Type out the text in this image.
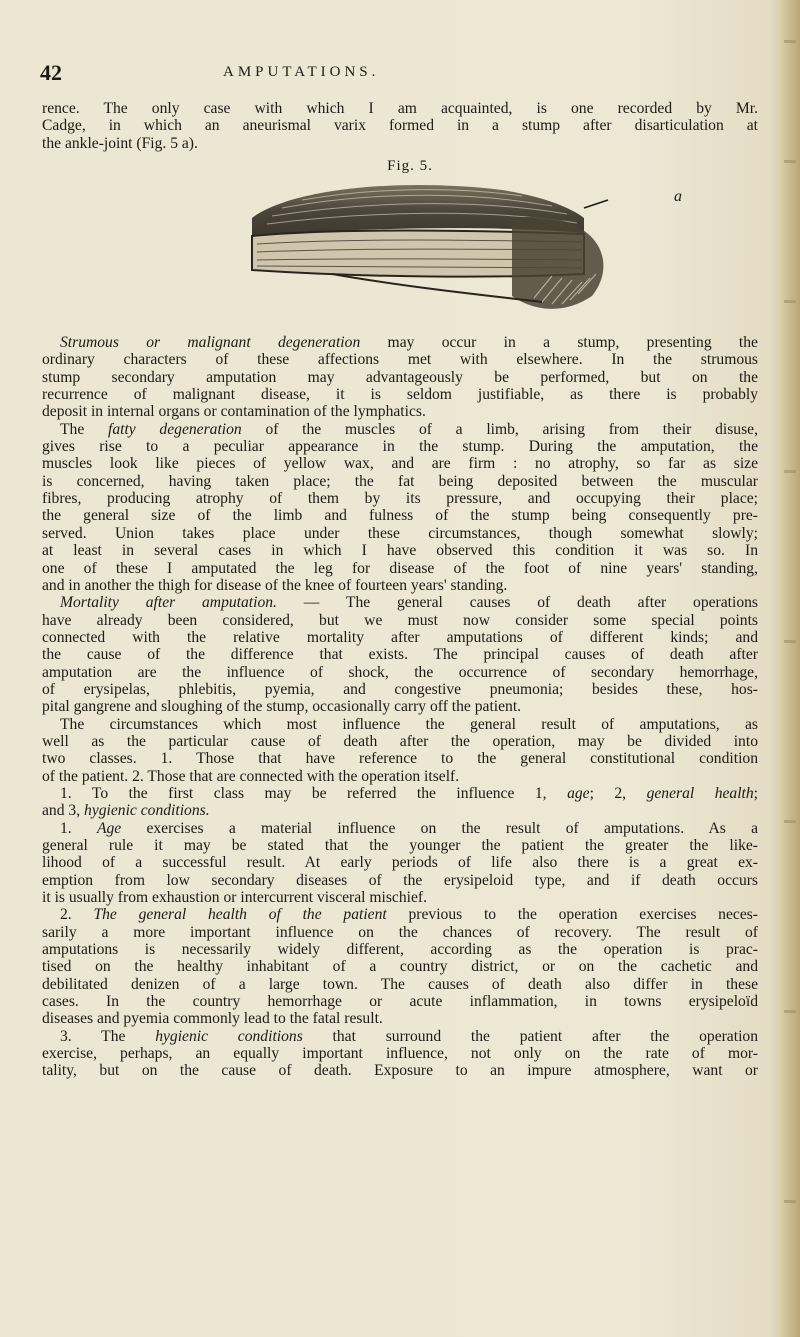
42	AMPUTATIONS.
rence. The only case with which I am acquainted, is one recorded by Mr.
Cadge, in which an aneurismal varix formed in a stump after disarticulation at
the ankle-joint (Fig. 5 a).
Fig. 5.
a
Strumous or malignant degeneration may occur in a stump, presenting the
ordinary characters of these affections met with elsewhere. In the strumous
stump secondary amputation may advantageously be performed, but on the
recurrence of malignant disease, it is seldom justifiable, as there is probably
deposit in internal organs or contamination of the lymphatics.
The fatty degeneration of the muscles of a limb, arising from their disuse,
gives rise to a peculiar appearance in the stump. During the amputation, the
muscles look like pieces of yellow wax, and are firm : no atrophy, so far as size
is concerned, having taken place; the fat being deposited between the muscular
fibres, producing atrophy of them by its pressure, and occupying their place;
the general size of the limb and fulness of the stump being consequently pre-
served. Union takes place under these circumstances, though somewhat slowly;
at least in several cases in which I have observed this condition it was so. In
one of these I amputated the leg for disease of the foot of nine years' standing,
and in another the thigh for disease of the knee of fourteen years' standing.
Mortality after amputation. — The general causes of death after operations
have already been considered, but we must now consider some special points
connected with the relative mortality after amputations of different kinds; and
the cause of the difference that exists. The principal causes of death after
amputation are the influence of shock, the occurrence of secondary hemorrhage,
of erysipelas, phlebitis, pyemia, and congestive pneumonia; besides these, hos-
pital gangrene and sloughing of the stump, occasionally carry off the patient.
The circumstances which most influence the general result of amputations, as
well as the particular cause of death after the operation, may be divided into
two classes. 1. Those that have reference to the general constitutional condition
of the patient. 2. Those that are connected with the operation itself.
1. To the first class may be referred the influence 1, age; 2, general health;
and 3, hygienic conditions.
1. Age exercises a material influence on the result of amputations. As a
general rule it may be stated that the younger the patient the greater the like-
lihood of a successful result. At early periods of life also there is a great ex-
emption from low secondary diseases of the erysipeloid type, and if death occurs
it is usually from exhaustion or intercurrent visceral mischief.
2. The general health of the patient previous to the operation exercises neces-
sarily a more important influence on the chances of recovery. The result of
amputations is necessarily widely different, according as the operation is prac-
tised on the healthy inhabitant of a country district, or on the cachetic and
debilitated denizen of a large town. The causes of death also differ in these
cases. In the country hemorrhage or acute inflammation, in towns erysipeloïd
diseases and pyemia commonly lead to the fatal result.
3. The hygienic conditions that surround the patient after the operation
exercise, perhaps, an equally important influence, not only on the rate of mor-
tality, but on the cause of death. Exposure to an impure atmosphere, want or
